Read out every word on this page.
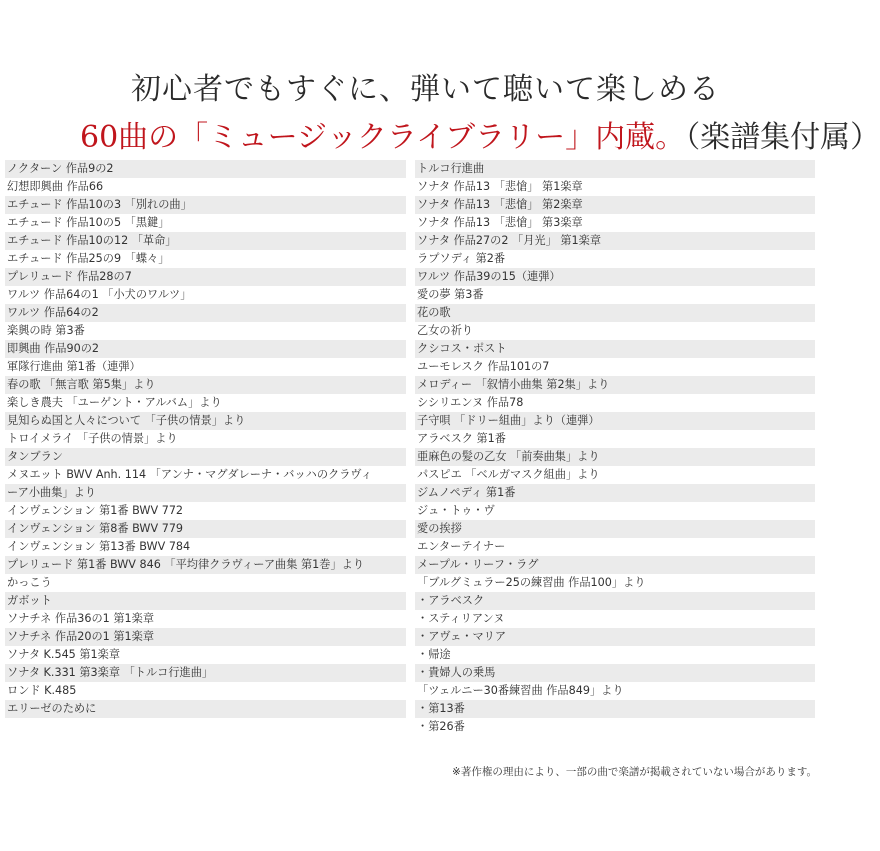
初心者でもすぐに、弾いて聴いて楽しめる
60曲の「ミュージックライブラリー」内蔵。（楽譜集付属）
ノクターン 作品9の2
幻想即興曲 作品66
エチュード 作品10の3 「別れの曲」
エチュード 作品10の5 「黒鍵」
エチュード 作品10の12 「革命」
エチュード 作品25の9 「蝶々」
プレリュード 作品28の7
ワルツ 作品64の1 「小犬のワルツ」
ワルツ 作品64の2
楽興の時 第3番
即興曲 作品90の2
軍隊行進曲 第1番（連弾）
春の歌 「無言歌 第5集」より
楽しき農夫 「ユーゲント・アルバム」より
見知らぬ国と人々について 「子供の情景」より
トロイメライ 「子供の情景」より
タンブラン
メヌエット BWV Anh. 114 「アンナ・マグダレーナ・バッハのクラヴィ
ーア小曲集」より
インヴェンション 第1番 BWV 772
インヴェンション 第8番 BWV 779
インヴェンション 第13番 BWV 784
プレリュード 第1番 BWV 846 「平均律クラヴィーア曲集 第1巻」より
かっこう
ガボット
ソナチネ 作品36の1 第1楽章
ソナチネ 作品20の1 第1楽章
ソナタ K.545 第1楽章
ソナタ K.331 第3楽章 「トルコ行進曲」
ロンド K.485
エリーゼのために
トルコ行進曲
ソナタ 作品13 「悲愴」 第1楽章
ソナタ 作品13 「悲愴」 第2楽章
ソナタ 作品13 「悲愴」 第3楽章
ソナタ 作品27の2 「月光」 第1楽章
ラプソディ 第2番
ワルツ 作品39の15（連弾）
愛の夢 第3番
花の歌
乙女の祈り
クシコス・ポスト
ユーモレスク 作品101の7
メロディー 「叙情小曲集 第2集」より
シシリエンヌ 作品78
子守唄 「ドリー組曲」より（連弾）
アラベスク 第1番
亜麻色の髪の乙女 「前奏曲集」より
パスピエ 「ベルガマスク組曲」より
ジムノペディ 第1番
ジュ・トゥ・ヴ
愛の挨拶
エンターテイナー
メープル・リーフ・ラグ
「ブルグミュラー25の練習曲 作品100」より
・アラベスク
・スティリアンヌ
・アヴェ・マリア
・帰途
・貴婦人の乗馬
「ツェルニー30番練習曲 作品849」より
・第13番
・第26番
※著作権の理由により、一部の曲で楽譜が掲載されていない場合があります。
